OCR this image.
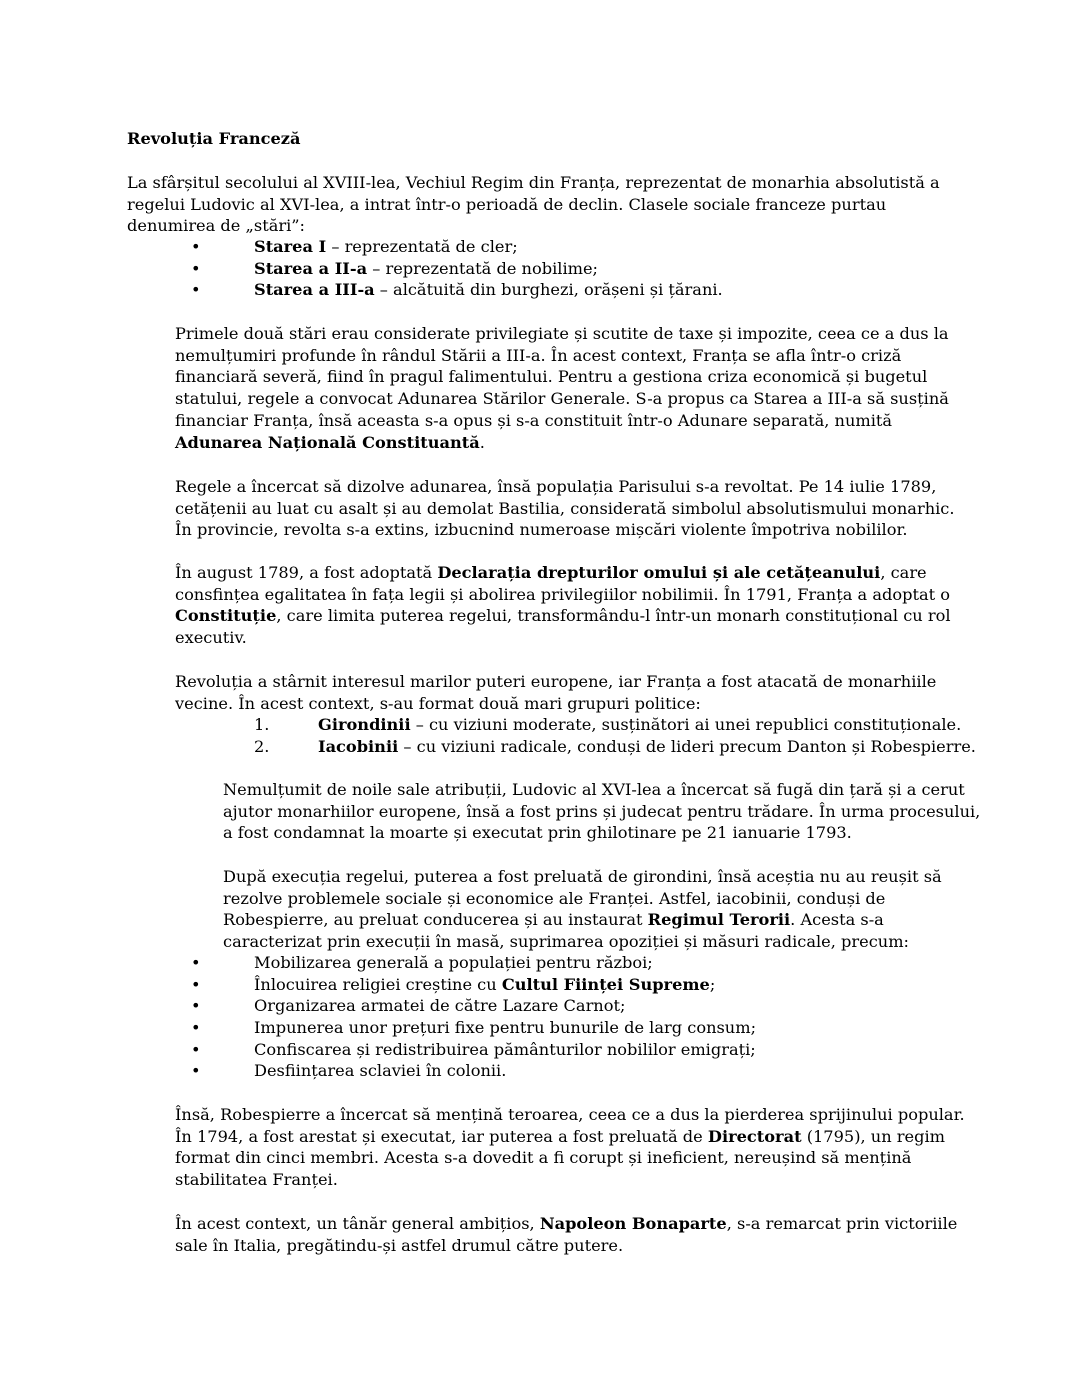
Revoluția Franceză

La sfârșitul secolului al XVIII-lea, Vechiul Regim din Franța, reprezentat de monarhia absolutistă a regelui Ludovic al XVI-lea, a intrat într-o perioadă de declin. Clasele sociale franceze purtau denumirea de „stări”:

•	Starea I – reprezentată de cler;
•	Starea a II-a – reprezentată de nobilime;
•	Starea a III-a – alcătuită din burghezi, orășeni și țărani.

Primele două stări erau considerate privilegiate și scutite de taxe și impozite, ceea ce a dus la nemulțumiri profunde în rândul Stării a III-a. În acest context, Franța se afla într-o criză financiară severă, fiind în pragul falimentului. Pentru a gestiona criza economică și bugetul statului, regele a convocat Adunarea Stărilor Generale. S-a propus ca Starea a III-a să susțină financiar Franța, însă aceasta s-a opus și s-a constituit într-o Adunare separată, numită Adunarea Națională Constituantă.

Regele a încercat să dizolve adunarea, însă populația Parisului s-a revoltat. Pe 14 iulie 1789, cetățenii au luat cu asalt și au demolat Bastilia, considerată simbolul absolutismului monarhic. În provincie, revolta s-a extins, izbucnind numeroase mișcări violente împotriva nobililor.

În august 1789, a fost adoptată Declarația drepturilor omului și ale cetățeanului, care consfințea egalitatea în fața legii și abolirea privilegiilor nobilimii. În 1791, Franța a adoptat o Constituție, care limita puterea regelui, transformându-l într-un monarh constituțional cu rol executiv.

Revoluția a stârnit interesul marilor puteri europene, iar Franța a fost atacată de monarhiile vecine. În acest context, s-au format două mari grupuri politice:

1.	Girondinii – cu viziuni moderate, susținători ai unei republici constituționale.
2.	Iacobinii – cu viziuni radicale, conduși de lideri precum Danton și Robespierre.

Nemulțumit de noile sale atribuții, Ludovic al XVI-lea a încercat să fugă din țară și a cerut ajutor monarhiilor europene, însă a fost prins și judecat pentru trădare. În urma procesului, a fost condamnat la moarte și executat prin ghilotinare pe 21 ianuarie 1793.

După execuția regelui, puterea a fost preluată de girondini, însă aceștia nu au reușit să rezolve problemele sociale și economice ale Franței. Astfel, iacobinii, conduși de Robespierre, au preluat conducerea și au instaurat Regimul Terorii. Acesta s-a caracterizat prin execuții în masă, suprimarea opoziției și măsuri radicale, precum:

•	Mobilizarea generală a populației pentru război;
•	Înlocuirea religiei creștine cu Cultul Ființei Supreme;
•	Organizarea armatei de către Lazare Carnot;
•	Impunerea unor prețuri fixe pentru bunurile de larg consum;
•	Confiscarea și redistribuirea pământurilor nobililor emigrați;
•	Desființarea sclaviei în colonii.

Însă, Robespierre a încercat să mențină teroarea, ceea ce a dus la pierderea sprijinului popular. În 1794, a fost arestat și executat, iar puterea a fost preluată de Directorat (1795), un regim format din cinci membri. Acesta s-a dovedit a fi corupt și ineficient, nereușind să mențină stabilitatea Franței.

În acest context, un tânăr general ambițios, Napoleon Bonaparte, s-a remarcat prin victoriile sale în Italia, pregătindu-și astfel drumul către putere.
